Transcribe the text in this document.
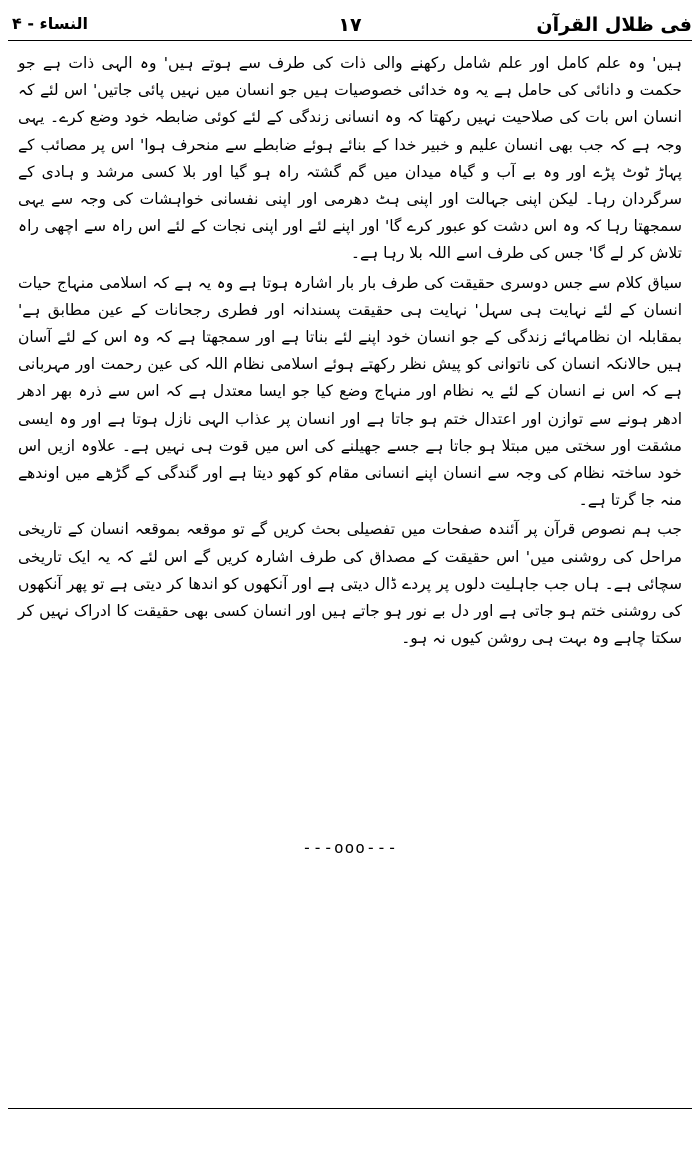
فی ظلال القرآن
۱۷
النساء - ۴

ہیں' وہ علم کامل اور علم شامل رکھنے والی ذات کی طرف سے ہوتے ہیں' وہ الہی ذات ہے جو حکمت و دانائی کی حامل ہے یہ وہ خدائی خصوصیات ہیں جو انسان میں نہیں پائی جاتیں' اس لئے کہ انسان اس بات کی صلاحیت نہیں رکھتا کہ وہ انسانی زندگی کے لئے کوئی ضابطہ خود وضع کرے۔ یہی وجہ ہے کہ جب بھی انسان علیم و خبیر خدا کے بنائے ہوئے ضابطے سے منحرف ہوا' اس پر مصائب کے پہاڑ ٹوٹ پڑے اور وہ بے آب و گیاہ میدان میں گم گشتہ راہ ہو گیا اور بلا کسی مرشد و ہادی کے سرگردان رہا۔ لیکن اپنی جہالت اور اپنی ہٹ دھرمی اور اپنی نفسانی خواہشات کی وجہ سے یہی سمجھتا رہا کہ وہ اس دشت کو عبور کرے گا' اور اپنے لئے اور اپنی نجات کے لئے اس راہ سے اچھی راہ تلاش کر لے گا' جس کی طرف اسے اللہ بلا رہا ہے۔

سیاق کلام سے جس دوسری حقیقت کی طرف بار بار اشارہ ہوتا ہے وہ یہ ہے کہ اسلامی منہاج حیات انسان کے لئے نہایت ہی سہل' نہایت ہی حقیقت پسندانہ اور فطری رجحانات کے عین مطابق ہے' بمقابلہ ان نظامہائے زندگی کے جو انسان خود اپنے لئے بناتا ہے اور سمجھتا ہے کہ وہ اس کے لئے آسان ہیں حالانکہ انسان کی ناتوانی کو پیش نظر رکھتے ہوئے اسلامی نظام اللہ کی عین رحمت اور مہربانی ہے کہ اس نے انسان کے لئے یہ نظام اور منہاج وضع کیا جو ایسا معتدل ہے کہ اس سے ذرہ بھر ادھر ادھر ہونے سے توازن اور اعتدال ختم ہو جاتا ہے اور انسان پر عذاب الہی نازل ہوتا ہے اور وہ ایسی مشقت اور سختی میں مبتلا ہو جاتا ہے جسے جھیلنے کی اس میں قوت ہی نہیں ہے۔ علاوہ ازیں اس خود ساختہ نظام کی وجہ سے انسان اپنے انسانی مقام کو کھو دیتا ہے اور گندگی کے گڑھے میں اوندھے منہ جا گرتا ہے۔

جب ہم نصوص قرآن پر آئندہ صفحات میں تفصیلی بحث کریں گے تو موقعہ بموقعہ انسان کے تاریخی مراحل کی روشنی میں' اس حقیقت کے مصداق کی طرف اشارہ کریں گے اس لئے کہ یہ ایک تاریخی سچائی ہے۔ ہاں جب جاہلیت دلوں پر پردے ڈال دیتی ہے اور آنکھوں کو اندھا کر دیتی ہے تو پھر آنکھوں کی روشنی ختم ہو جاتی ہے اور دل بے نور ہو جاتے ہیں اور انسان کسی بھی حقیقت کا ادراک نہیں کر سکتا چاہے وہ بہت ہی روشن کیوں نہ ہو۔

---ooo---
